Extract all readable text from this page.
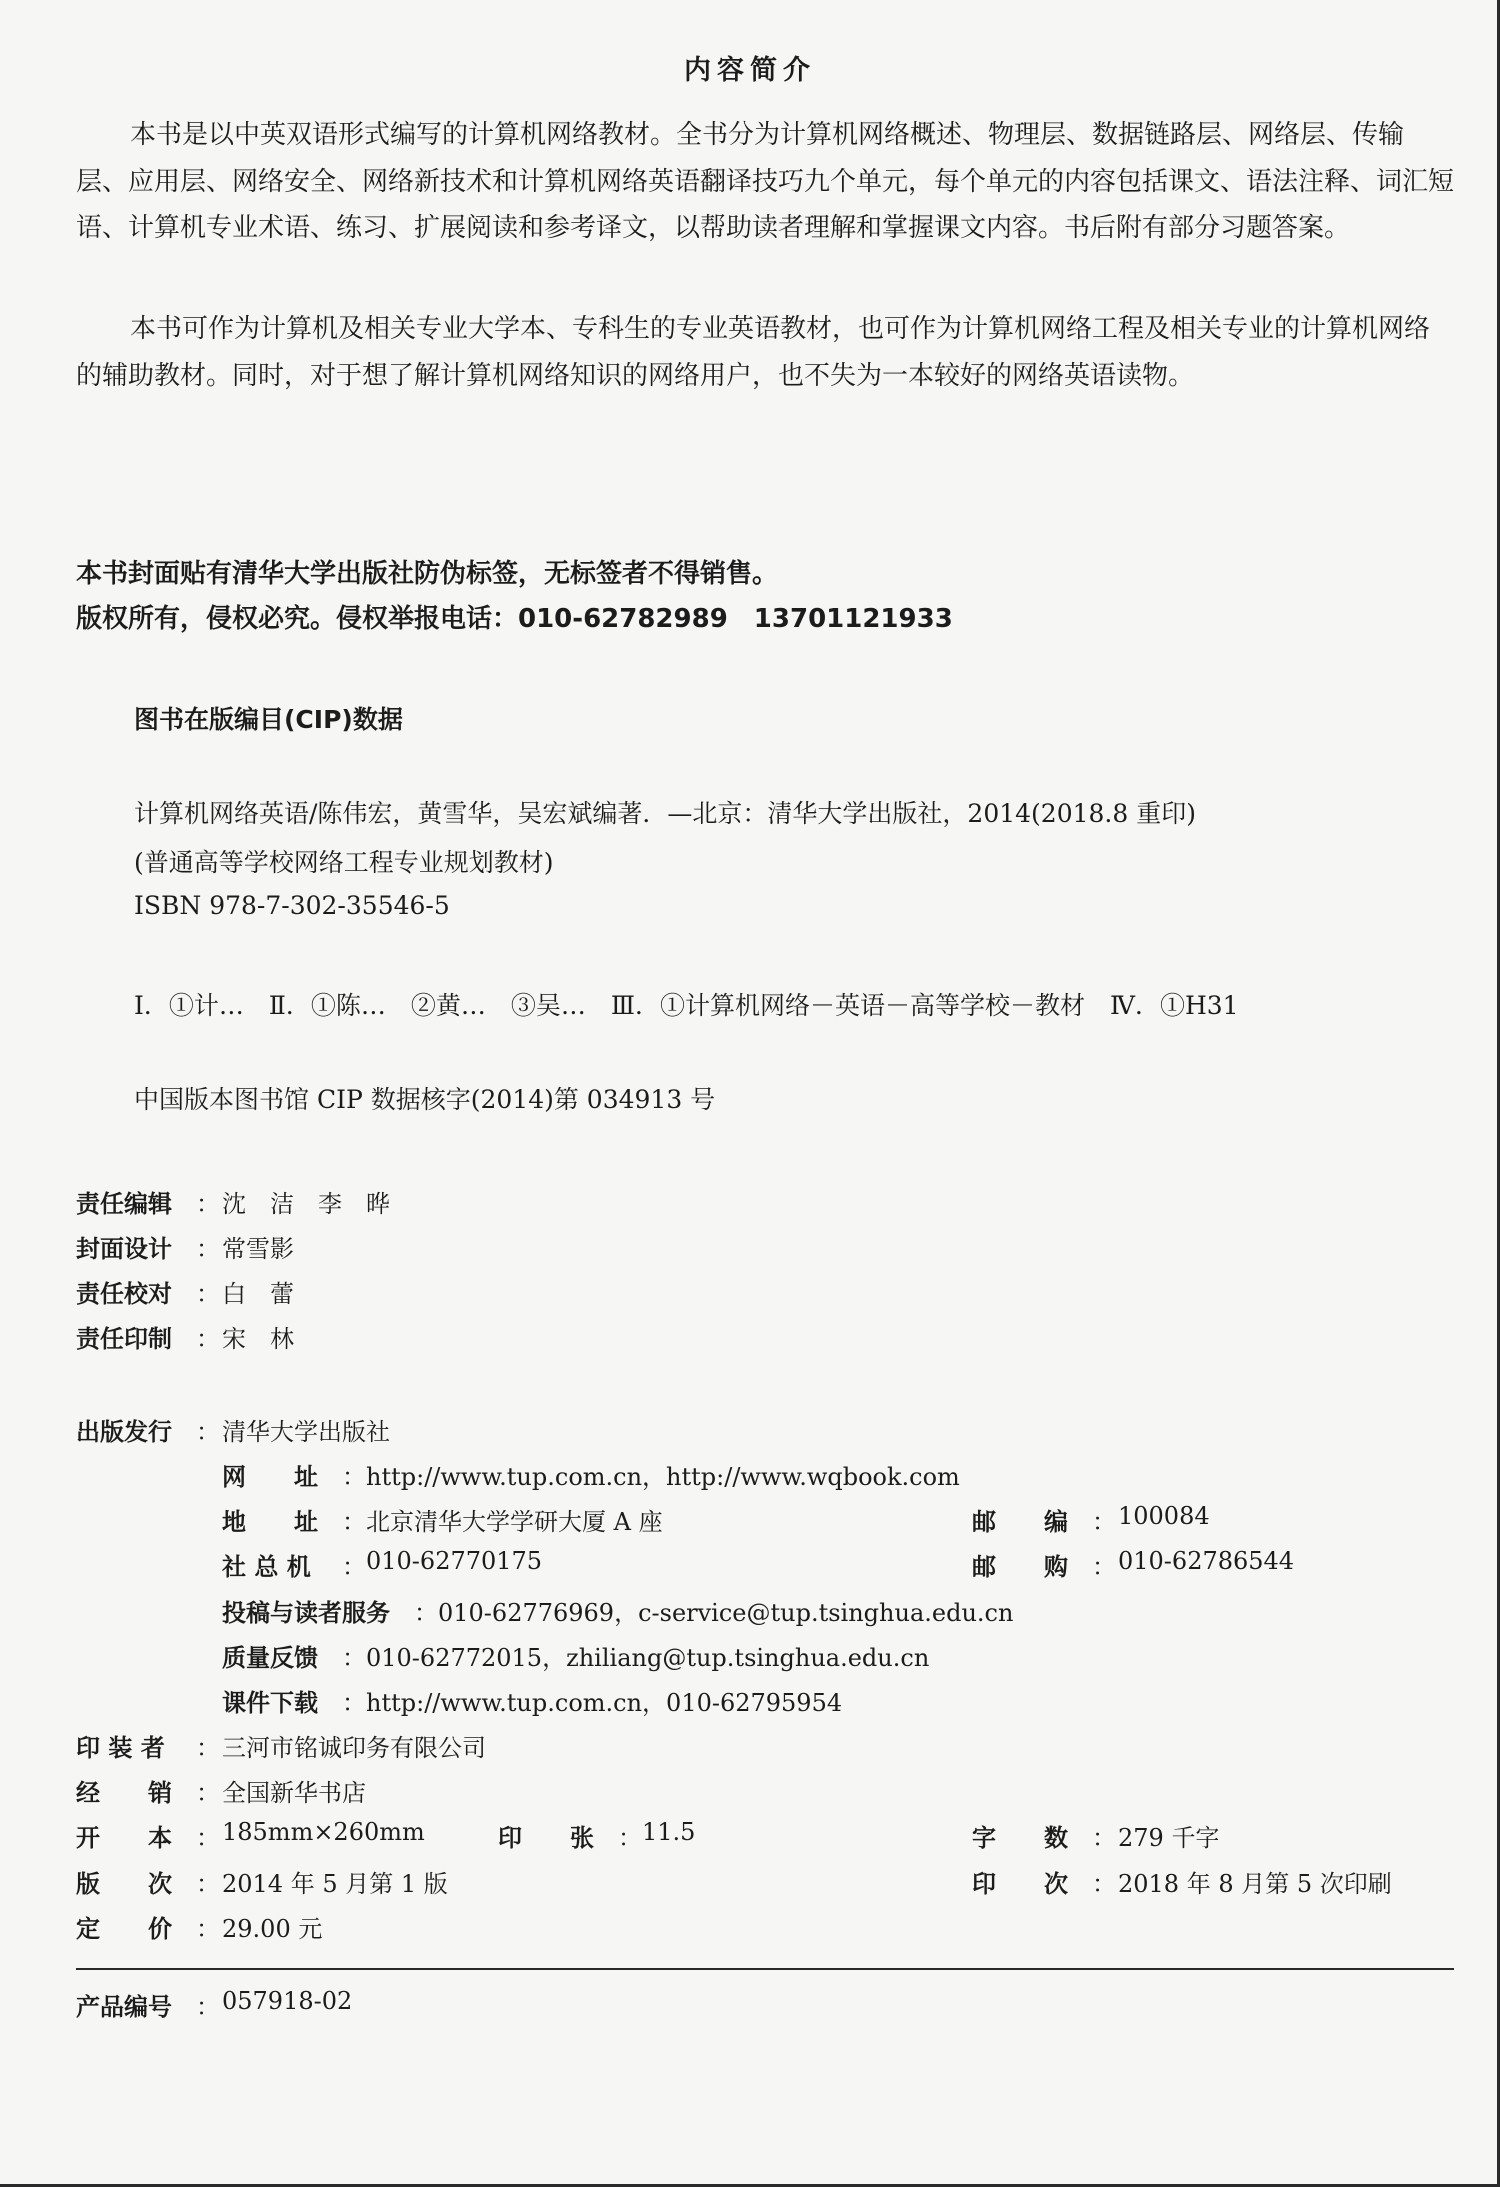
内容简介
本书是以中英双语形式编写的计算机网络教材。全书分为计算机网络概述、物理层、数据链路层、网络层、传输层、应用层、网络安全、网络新技术和计算机网络英语翻译技巧九个单元，每个单元的内容包括课文、语法注释、词汇短语、计算机专业术语、练习、扩展阅读和参考译文，以帮助读者理解和掌握课文内容。书后附有部分习题答案。
本书可作为计算机及相关专业大学本、专科生的专业英语教材，也可作为计算机网络工程及相关专业的计算机网络的辅助教材。同时，对于想了解计算机网络知识的网络用户，也不失为一本较好的网络英语读物。
本书封面贴有清华大学出版社防伪标签，无标签者不得销售。
版权所有，侵权必究。侵权举报电话：010-62782989　13701121933
图书在版编目(CIP)数据
计算机网络英语/陈伟宏，黄雪华，吴宏斌编著．—北京：清华大学出版社，2014(2018.8 重印)
(普通高等学校网络工程专业规划教材)
ISBN 978-7-302-35546-5
Ⅰ．①计…　Ⅱ．①陈…　②黄…　③吴…　Ⅲ．①计算机网络－英语－高等学校－教材　Ⅳ．①H31
中国版本图书馆 CIP 数据核字(2014)第 034913 号
责任编辑 ： 沈　洁　李　晔
封面设计 ： 常雪影
责任校对 ： 白　蕾
责任印制 ： 宋　林
出版发行 ： 清华大学出版社
网　　址 ： http://www.tup.com.cn，http://www.wqbook.com
地　　址 ： 北京清华大学学研大厦 A 座	邮　　编 ： 100084
社 总 机 ： 010-62770175	邮　　购 ： 010-62786544
投稿与读者服务 ： 010-62776969，c-service@tup.tsinghua.edu.cn
质量反馈 ： 010-62772015，zhiliang@tup.tsinghua.edu.cn
课件下载 ： http://www.tup.com.cn，010-62795954
印 装 者 ： 三河市铭诚印务有限公司
经　　销 ： 全国新华书店
开　　本 ： 185mm×260mm	印　　张 ： 11.5	字　　数 ： 279 千字
版　　次 ： 2014 年 5 月第 1 版	印　　次 ： 2018 年 8 月第 5 次印刷
定　　价 ： 29.00 元
产品编号 ： 057918-02
